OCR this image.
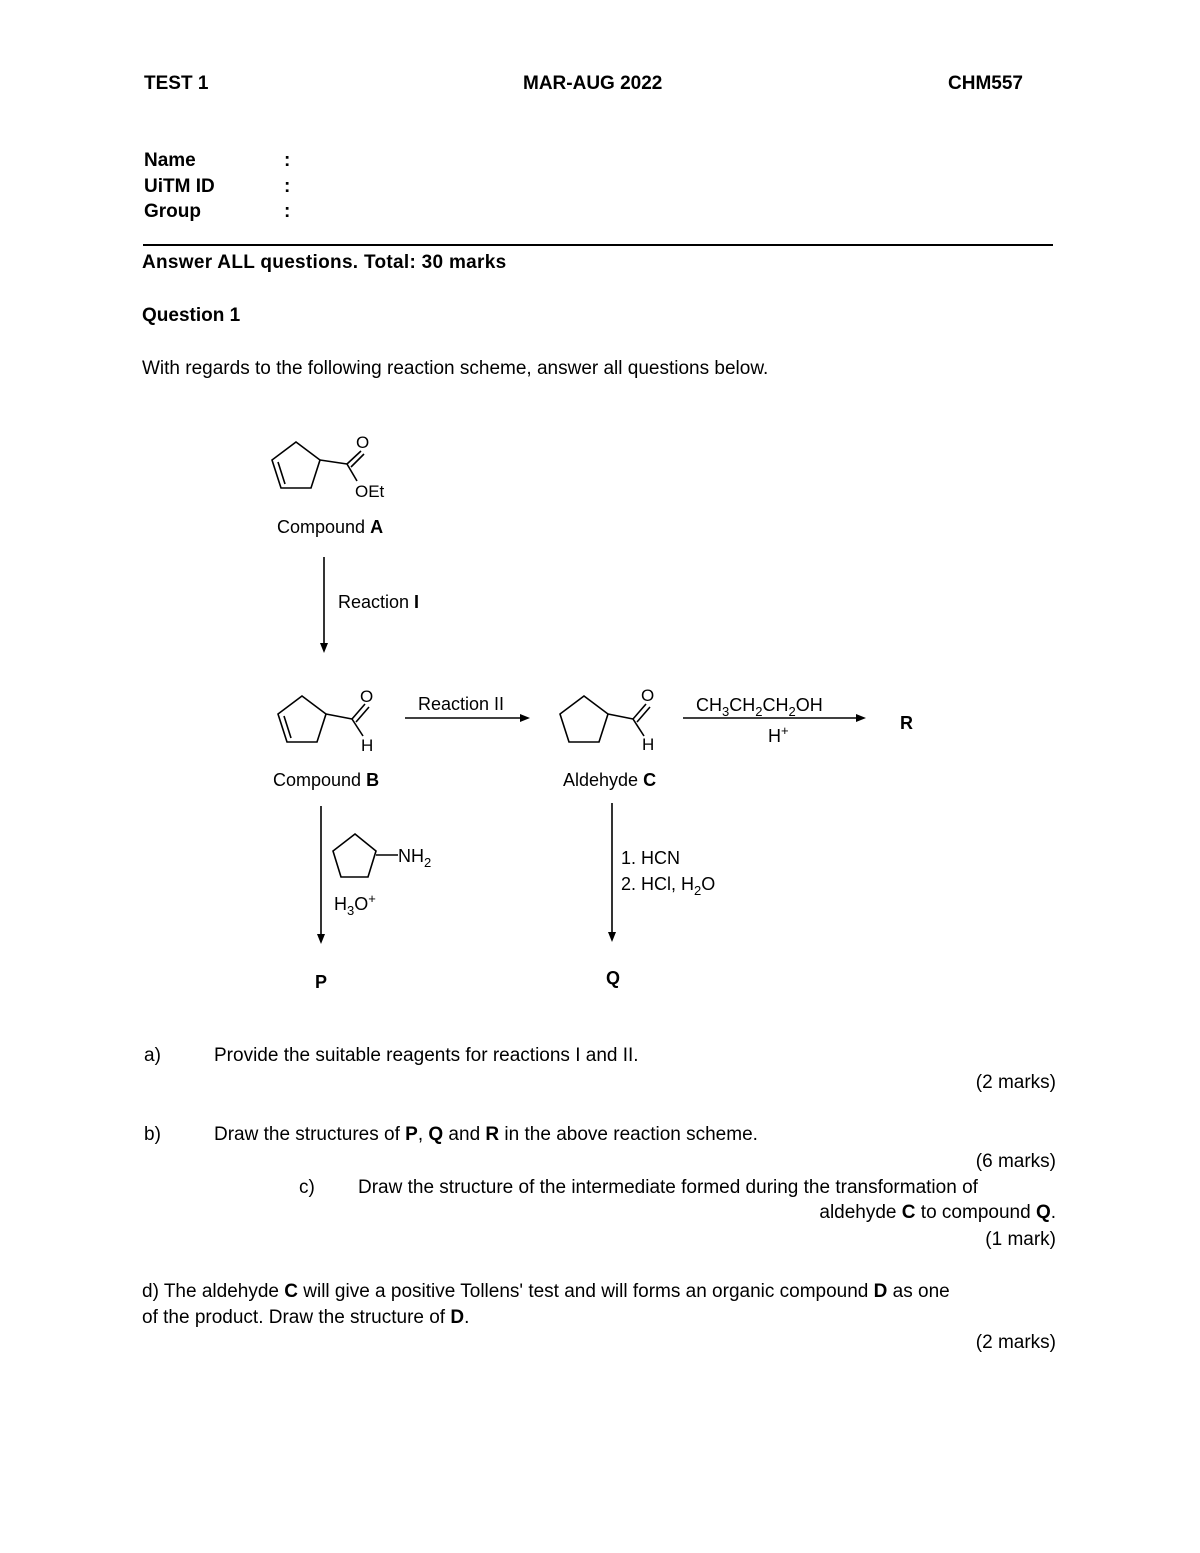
TEST 1	MAR-AUG 2022	CHM557
Name	:
UiTM ID	:
Group	:
Answer ALL questions. Total: 30 marks
Question 1
With regards to the following reaction scheme, answer all questions below.
O
OEt
Compound A
Reaction I
O
H
Compound B
Reaction II	O
H
Aldehyde C
$CH_3CH_2CH_2OH$
H+	R
$NH_2$
$H_3O^+$
P
1. HCN
2. HCl, $H_2O$
Q
a)	Provide the suitable reagents for reactions I and II.
(2 marks)
b)	Draw the structures of P, Q and R in the above reaction scheme.
(6 marks)
c) Draw the structure of the intermediate formed during the transformation of
aldehyde C to compound Q.
(1 mark)
d) The aldehyde C will give a positive Tollens' test and will forms an organic compound D as one
of the product. Draw the structure of D.
(2 marks)
